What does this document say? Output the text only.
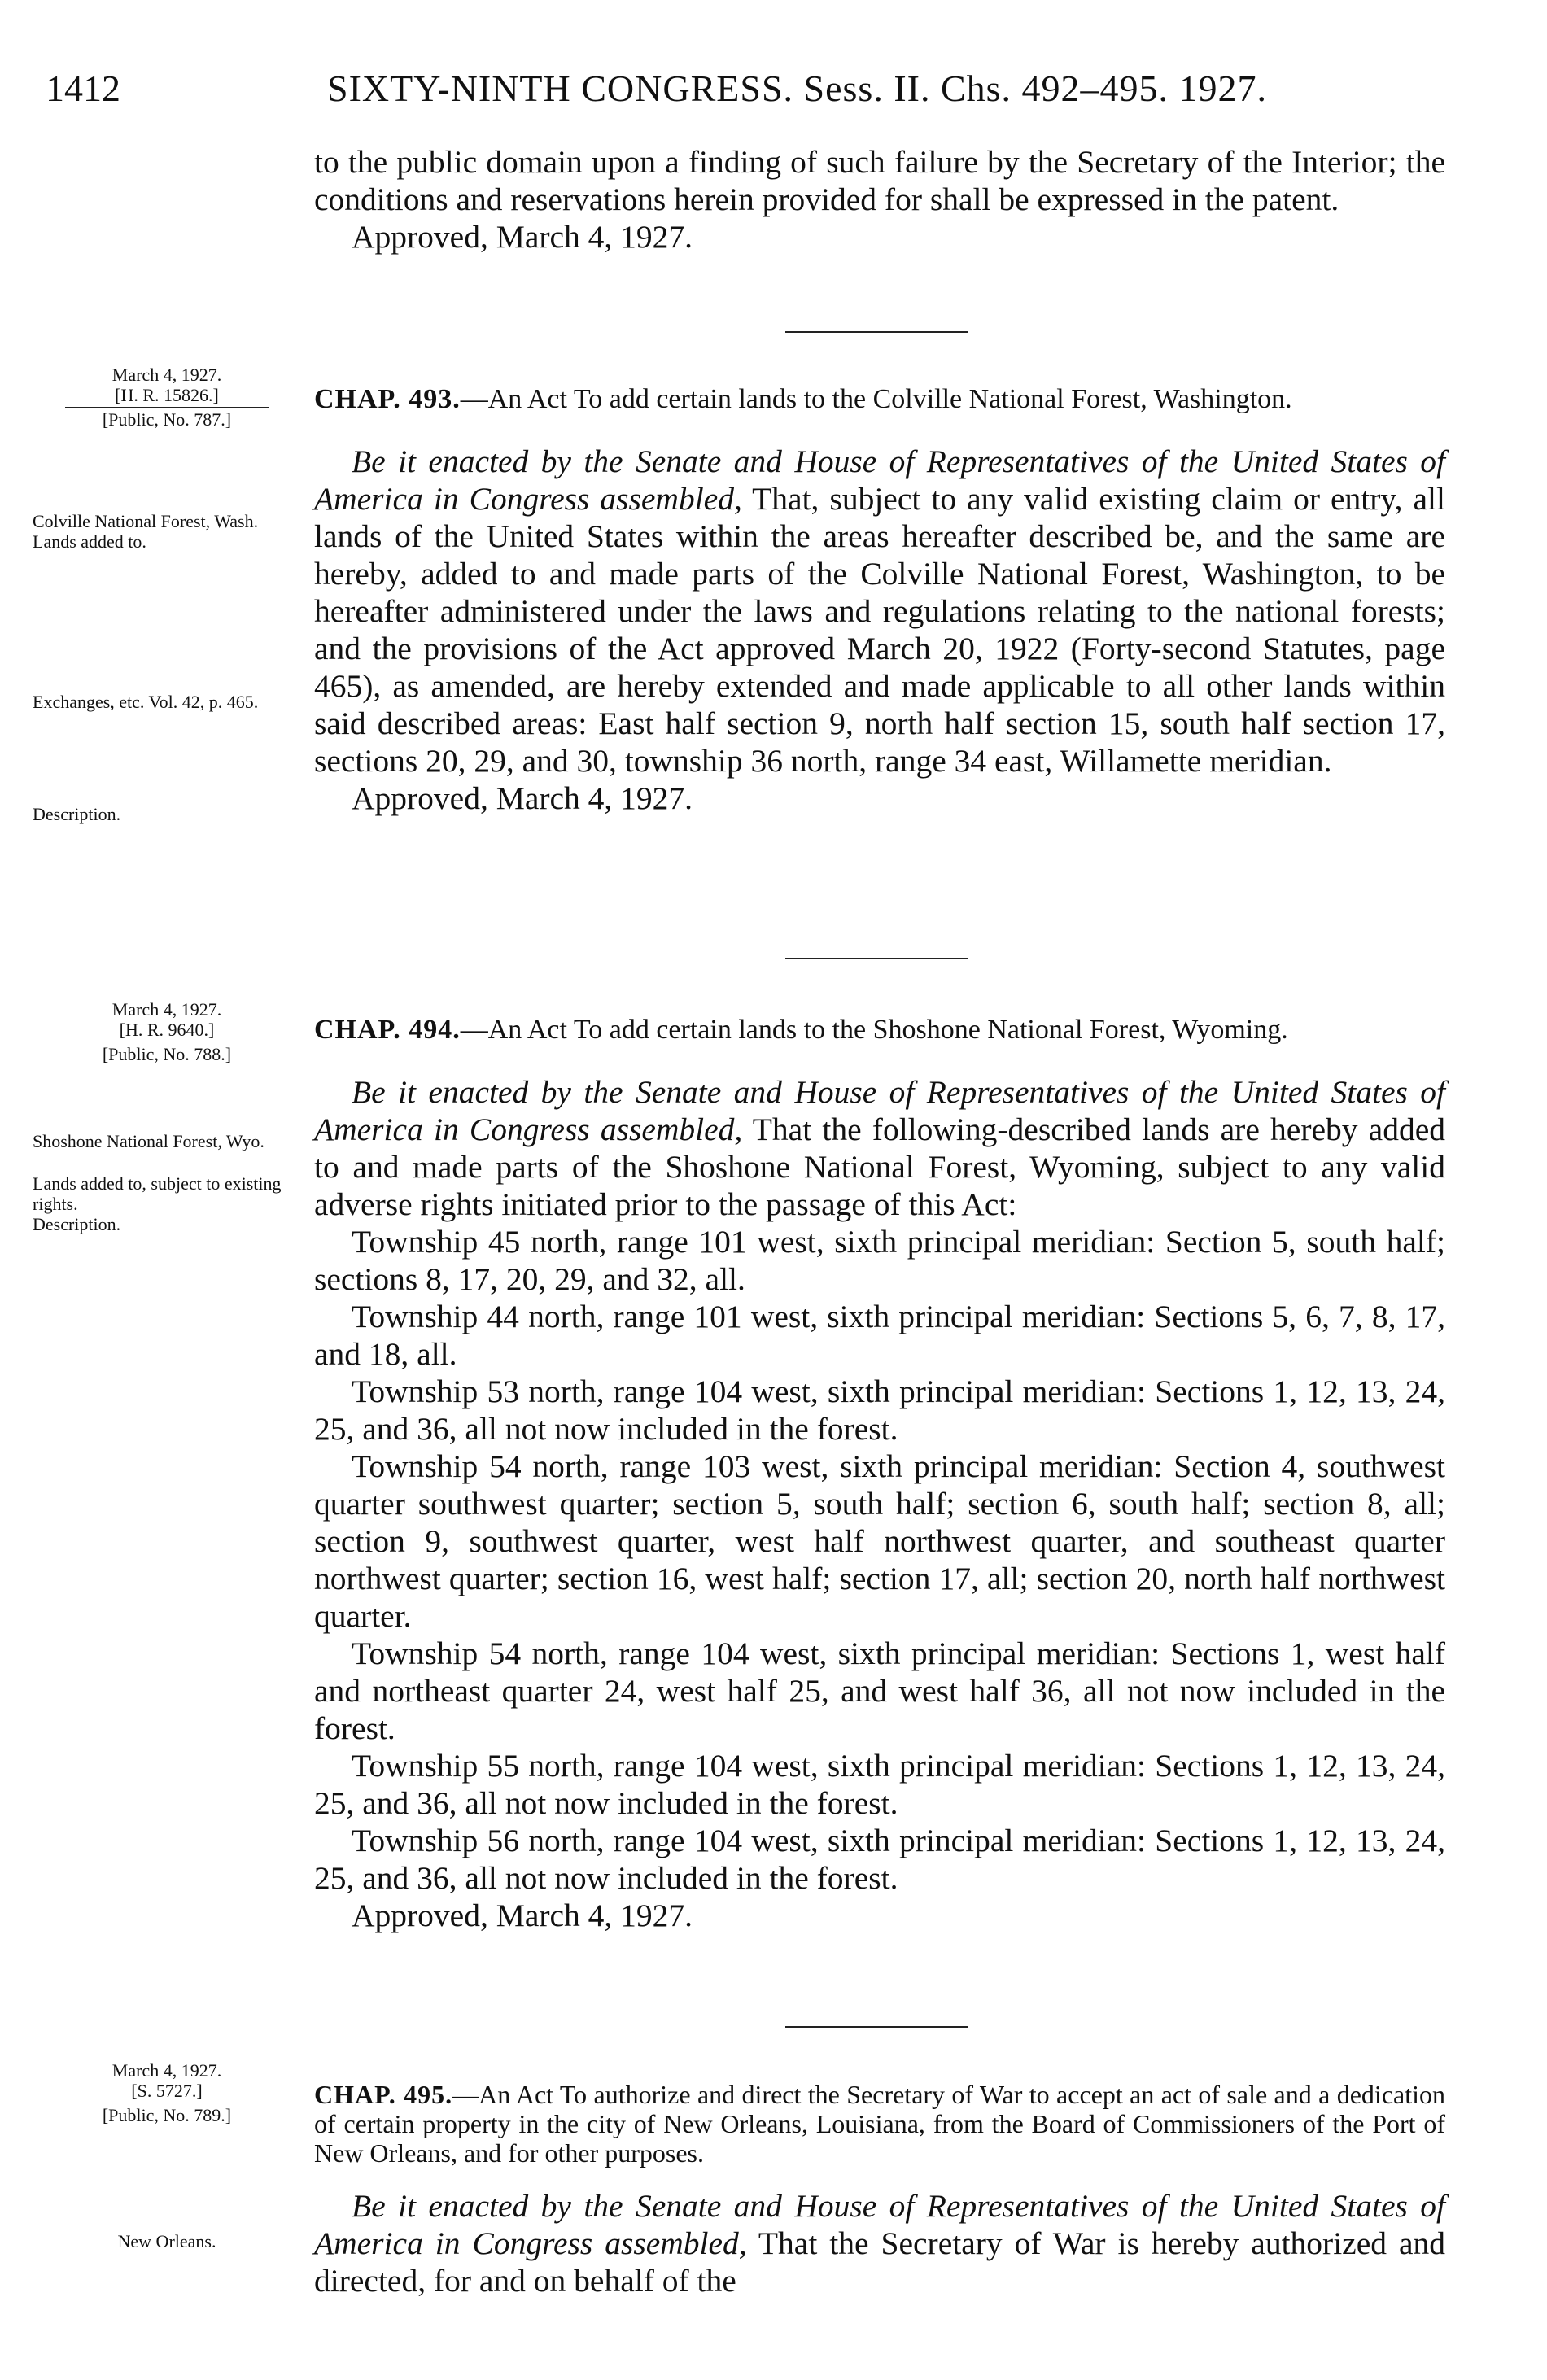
1412	SIXTY-NINTH CONGRESS. Sess. II. Chs. 492–495. 1927.

to the public domain upon a finding of such failure by the Secretary of the Interior; the conditions and reservations herein provided for shall be expressed in the patent.

Approved, March 4, 1927.

March 4, 1927.
[H. R. 15826.]
[Public, No. 787.]
Colville National Forest, Wash. Lands added to.
Exchanges, etc. Vol. 42, p. 465.
Description.

CHAP. 493.—An Act To add certain lands to the Colville National Forest, Washington.

Be it enacted by the Senate and House of Representatives of the United States of America in Congress assembled, That, subject to any valid existing claim or entry, all lands of the United States within the areas hereafter described be, and the same are hereby, added to and made parts of the Colville National Forest, Washington, to be hereafter administered under the laws and regulations relating to the national forests; and the provisions of the Act approved March 20, 1922 (Forty-second Statutes, page 465), as amended, are hereby extended and made applicable to all other lands within said described areas: East half section 9, north half section 15, south half section 17, sections 20, 29, and 30, township 36 north, range 34 east, Willamette meridian.

Approved, March 4, 1927.

March 4, 1927.
[H. R. 9640.]
[Public, No. 788.]
Shoshone National Forest, Wyo.
Lands added to, subject to existing rights.
Description.

CHAP. 494.—An Act To add certain lands to the Shoshone National Forest, Wyoming.

Be it enacted by the Senate and House of Representatives of the United States of America in Congress assembled, That the following-described lands are hereby added to and made parts of the Shoshone National Forest, Wyoming, subject to any valid adverse rights initiated prior to the passage of this Act:

Township 45 north, range 101 west, sixth principal meridian: Section 5, south half; sections 8, 17, 20, 29, and 32, all.

Township 44 north, range 101 west, sixth principal meridian: Sections 5, 6, 7, 8, 17, and 18, all.

Township 53 north, range 104 west, sixth principal meridian: Sections 1, 12, 13, 24, 25, and 36, all not now included in the forest.

Township 54 north, range 103 west, sixth principal meridian: Section 4, southwest quarter southwest quarter; section 5, south half; section 6, south half; section 8, all; section 9, southwest quarter, west half northwest quarter, and southeast quarter northwest quarter; section 16, west half; section 17, all; section 20, north half northwest quarter.

Township 54 north, range 104 west, sixth principal meridian: Sections 1, west half and northeast quarter 24, west half 25, and west half 36, all not now included in the forest.

Township 55 north, range 104 west, sixth principal meridian: Sections 1, 12, 13, 24, 25, and 36, all not now included in the forest.

Township 56 north, range 104 west, sixth principal meridian: Sections 1, 12, 13, 24, 25, and 36, all not now included in the forest.

Approved, March 4, 1927.

March 4, 1927.
[S. 5727.]
[Public, No. 789.]
New Orleans.

CHAP. 495.—An Act To authorize and direct the Secretary of War to accept an act of sale and a dedication of certain property in the city of New Orleans, Louisiana, from the Board of Commissioners of the Port of New Orleans, and for other purposes.

Be it enacted by the Senate and House of Representatives of the United States of America in Congress assembled, That the Secretary of War is hereby authorized and directed, for and on behalf of the
